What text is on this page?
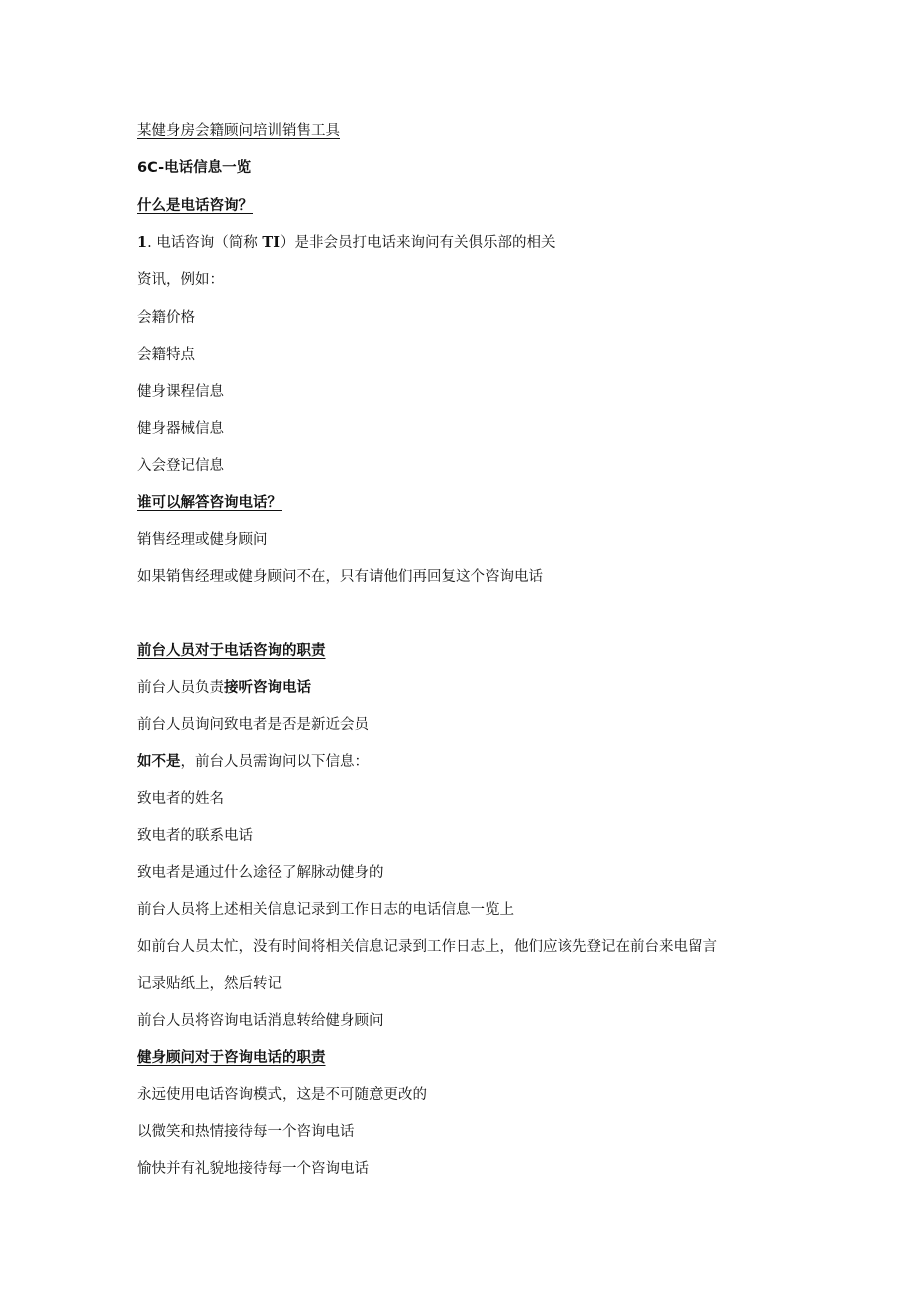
某健身房会籍顾问培训销售工具
6C-电话信息一览
什么是电话咨询？
1. 电话咨询（简称 TI）是非会员打电话来询问有关俱乐部的相关
资讯，例如：
会籍价格
会籍特点
健身课程信息
健身器械信息
入会登记信息
谁可以解答咨询电话？
销售经理或健身顾问
如果销售经理或健身顾问不在，只有请他们再回复这个咨询电话
前台人员对于电话咨询的职责
前台人员负责接听咨询电话
前台人员询问致电者是否是新近会员
如不是，前台人员需询问以下信息：
致电者的姓名
致电者的联系电话
致电者是通过什么途径了解脉动健身的
前台人员将上述相关信息记录到工作日志的电话信息一览上
如前台人员太忙，没有时间将相关信息记录到工作日志上，他们应该先登记在前台来电留言
记录贴纸上，然后转记
前台人员将咨询电话消息转给健身顾问
健身顾问对于咨询电话的职责
永远使用电话咨询模式，这是不可随意更改的
以微笑和热情接待每一个咨询电话
愉快并有礼貌地接待每一个咨询电话
